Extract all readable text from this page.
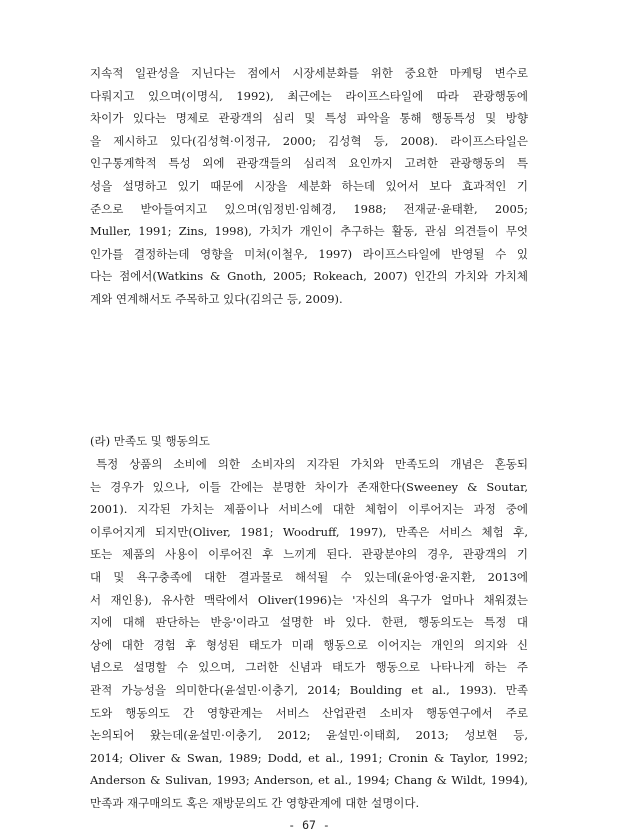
지속적 일관성을 지닌다는 점에서 시장세분화를 위한 중요한 마케팅 변수로
다뤄지고 있으며(이명식, 1992), 최근에는 라이프스타일에 따라 관광행동에
차이가 있다는 명제로 관광객의 심리 및 특성 파악을 통해 행동특성 및 방향
을 제시하고 있다(김성혁·이정규, 2000; 김성혁 등, 2008). 라이프스타일은
인구통계학적 특성 외에 관광객들의 심리적 요인까지 고려한 관광행동의 특
성을 설명하고 있기 때문에 시장을 세분화 하는데 있어서 보다 효과적인 기
준으로 받아들여지고 있으며(임정빈·임혜경, 1988; 전재균·윤태환, 2005;
Muller, 1991; Zins, 1998), 가치가 개인이 추구하는 활동, 관심 의견들이 무엇
인가를 결정하는데 영향을 미쳐(이철우, 1997) 라이프스타일에 반영될 수 있
다는 점에서(Watkins & Gnoth, 2005; Rokeach, 2007) 인간의 가치와 가치체
계와 연계해서도 주목하고 있다(김의근 등, 2009).
(라) 만족도 및 행동의도
특정 상품의 소비에 의한 소비자의 지각된 가치와 만족도의 개념은 혼동되
는 경우가 있으나, 이들 간에는 분명한 차이가 존재한다(Sweeney & Soutar,
2001). 지각된 가치는 제품이나 서비스에 대한 체험이 이루어지는 과정 중에
이루어지게 되지만(Oliver, 1981; Woodruff, 1997), 만족은 서비스 체험 후,
또는 제품의 사용이 이루어진 후 느끼게 된다. 관광분야의 경우, 관광객의 기
대 및 욕구충족에 대한 결과물로 해석될 수 있는데(윤아영·윤지환, 2013에
서 재인용), 유사한 맥락에서 Oliver(1996)는 '자신의 욕구가 얼마나 채워졌는
지에 대해 판단하는 반응'이라고 설명한 바 있다. 한편, 행동의도는 특정 대
상에 대한 경험 후 형성된 태도가 미래 행동으로 이어지는 개인의 의지와 신
념으로 설명할 수 있으며, 그러한 신념과 태도가 행동으로 나타나게 하는 주
관적 가능성을 의미한다(윤설민·이충기, 2014; Boulding et al., 1993). 만족
도와 행동의도 간 영향관계는 서비스 산업관련 소비자 행동연구에서 주로
논의되어 왔는데(윤설민·이충기, 2012; 윤설민·이태희, 2013; 성보현 등,
2014; Oliver & Swan, 1989; Dodd, et al., 1991; Cronin & Taylor, 1992;
Anderson & Sulivan, 1993; Anderson, et al., 1994; Chang & Wildt, 1994),
만족과 재구매의도 혹은 재방문의도 간 영향관계에 대한 설명이다.
- 67 -
